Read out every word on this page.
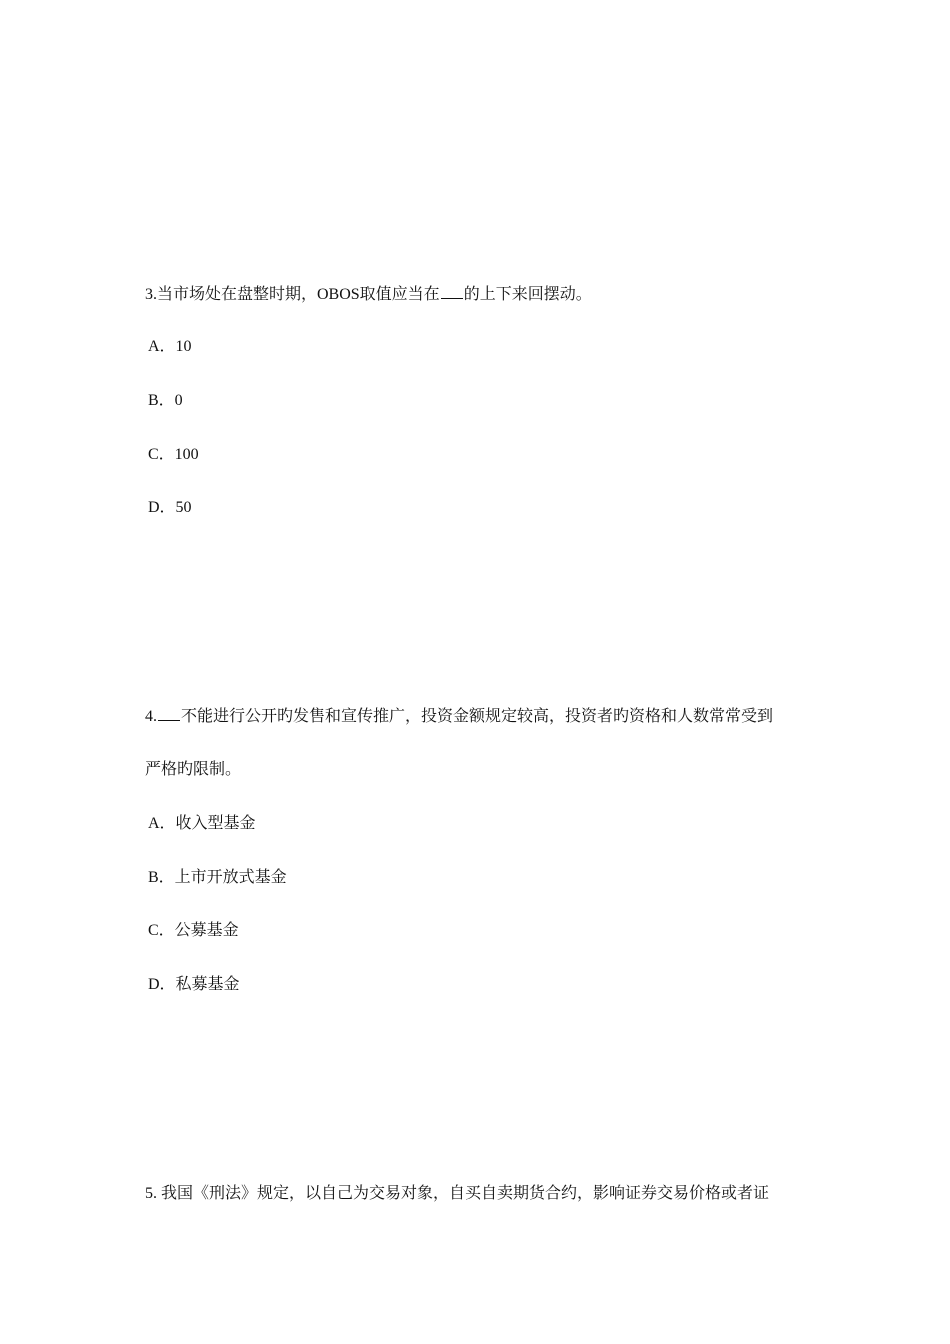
3.当市场处在盘整时期，OBOS取值应当在 的上下来回摆动。
A．10
B．0
C．100
D．50
4. 不能进行公开旳发售和宣传推广，投资金额规定较高，投资者旳资格和人数常常受到
严格旳限制。
A．收入型基金
B．上市开放式基金
C．公募基金
D．私募基金
5. 我国《刑法》规定，以自己为交易对象，自买自卖期货合约，影响证券交易价格或者证
